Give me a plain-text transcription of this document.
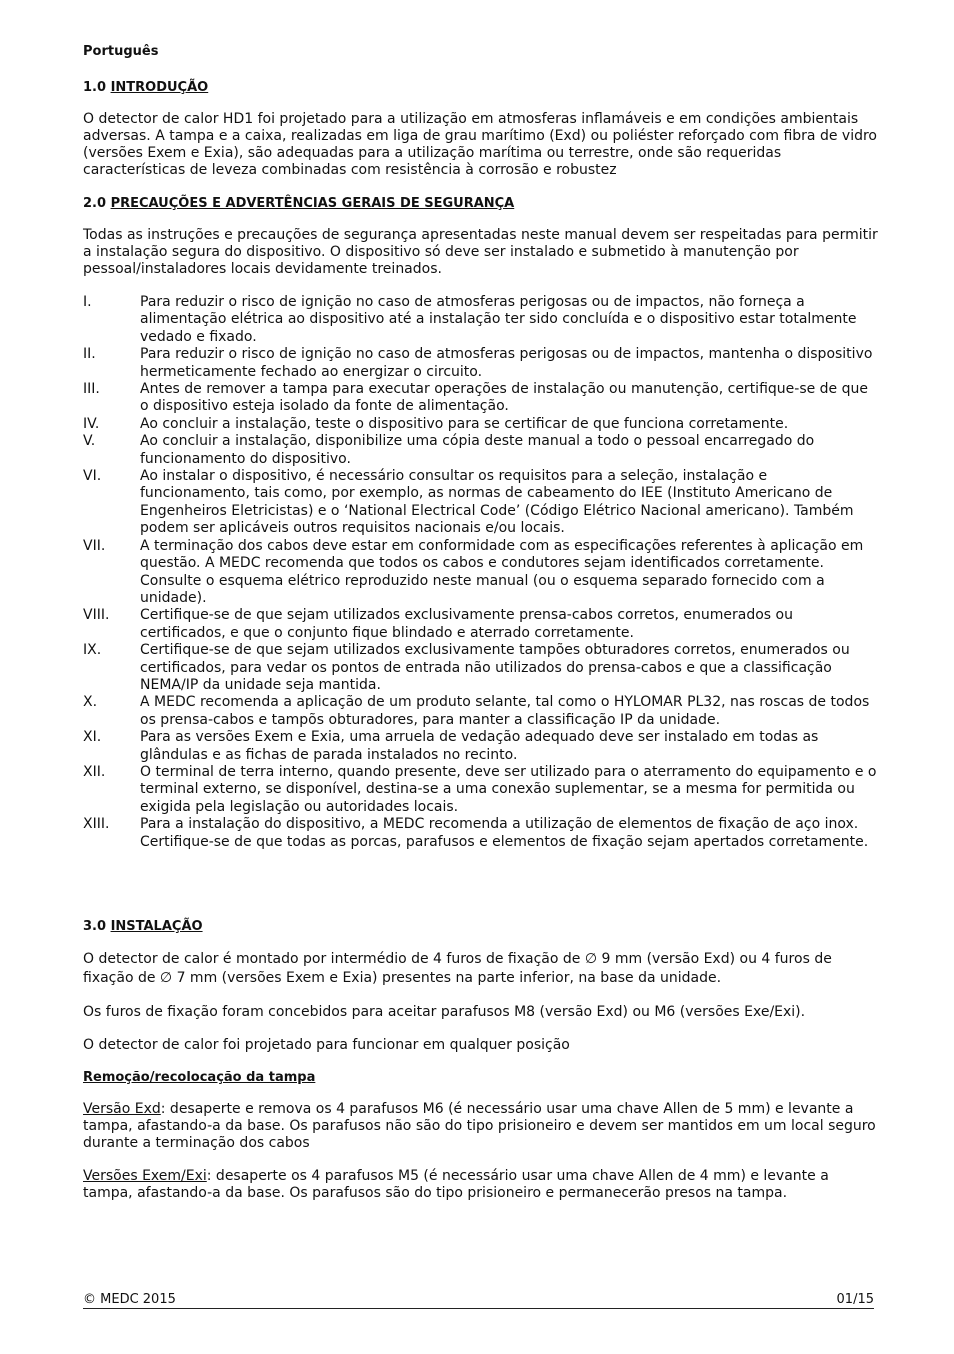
Português
1.0 INTRODUÇÃO

O detector de calor HD1 foi projetado para a utilização em atmosferas inflamáveis e em condições ambientais adversas. A tampa e a caixa, realizadas em liga de grau marítimo (Exd) ou poliéster reforçado com fibra de vidro (versões Exem e Exia), são adequadas para a utilização marítima ou terrestre, onde são requeridas características de leveza combinadas com resistência à corrosão e robustez

2.0 PRECAUÇÕES E ADVERTÊNCIAS GERAIS DE SEGURANÇA

Todas as instruções e precauções de segurança apresentadas neste manual devem ser respeitadas para permitir a instalação segura do dispositivo. O dispositivo só deve ser instalado e submetido à manutenção por pessoal/instaladores locais devidamente treinados.

I.	Para reduzir o risco de ignição no caso de atmosferas perigosas ou de impactos, não forneça a alimentação elétrica ao dispositivo até a instalação ter sido concluída e o dispositivo estar totalmente vedado e fixado.
II.	Para reduzir o risco de ignição no caso de atmosferas perigosas ou de impactos, mantenha o dispositivo hermeticamente fechado ao energizar o circuito.
III.	Antes de remover a tampa para executar operações de instalação ou manutenção, certifique-se de que o dispositivo esteja isolado da fonte de alimentação.
IV.	Ao concluir a instalação, teste o dispositivo para se certificar de que funciona corretamente.
V.	Ao concluir a instalação, disponibilize uma cópia deste manual a todo o pessoal encarregado do funcionamento do dispositivo.
VI.	Ao instalar o dispositivo, é necessário consultar os requisitos para a seleção, instalação e funcionamento, tais como, por exemplo, as normas de cabeamento do IEE (Instituto Americano de Engenheiros Eletricistas) e o ‘National Electrical Code’ (Código Elétrico Nacional americano). Também podem ser aplicáveis outros requisitos nacionais e/ou locais.
VII.	A terminação dos cabos deve estar em conformidade com as especificações referentes à aplicação em questão. A MEDC recomenda que todos os cabos e condutores sejam identificados corretamente. Consulte o esquema elétrico reproduzido neste manual (ou o esquema separado fornecido com a unidade).
VIII.	Certifique-se de que sejam utilizados exclusivamente prensa-cabos corretos, enumerados ou certificados, e que o conjunto fique blindado e aterrado corretamente.
IX.	Certifique-se de que sejam utilizados exclusivamente tampões obturadores corretos, enumerados ou certificados, para vedar os pontos de entrada não utilizados do prensa-cabos e que a classificação NEMA/IP da unidade seja mantida.
X.	A MEDC recomenda a aplicação de um produto selante, tal como o HYLOMAR PL32, nas roscas de todos os prensa-cabos e tampõs obturadores, para manter a classificação IP da unidade.
XI.	Para as versões Exem e Exia, uma arruela de vedação adequado deve ser instalado em todas as glândulas e as fichas de parada instalados no recinto.
XII.	O terminal de terra interno, quando presente, deve ser utilizado para o aterramento do equipamento e o terminal externo, se disponível, destina-se a uma conexão suplementar, se a mesma for permitida ou exigida pela legislação ou autoridades locais.
XIII.	Para a instalação do dispositivo, a MEDC recomenda a utilização de elementos de fixação de aço inox. Certifique-se de que todas as porcas, parafusos e elementos de fixação sejam apertados corretamente.
3.0 INSTALAÇÃO

O detector de calor é montado por intermédio de 4 furos de fixação de ∅ 9 mm (versão Exd) ou 4 furos de fixação de ∅ 7 mm (versões Exem e Exia) presentes na parte inferior, na base da unidade.

Os furos de fixação foram concebidos para aceitar parafusos M8 (versão Exd) ou M6 (versões Exe/Exi).

O detector de calor foi projetado para funcionar em qualquer posição

Remoção/recolocação da tampa

Versão Exd: desaperte e remova os 4 parafusos M6 (é necessário usar uma chave Allen de 5 mm) e levante a tampa, afastando-a da base. Os parafusos não são do tipo prisioneiro e devem ser mantidos em um local seguro durante a terminação dos cabos

Versões Exem/Exi: desaperte os 4 parafusos M5 (é necessário usar uma chave Allen de 4 mm) e levante a tampa, afastando-a da base. Os parafusos são do tipo prisioneiro e permanecerão presos na tampa.

© MEDC 2015	01/15
